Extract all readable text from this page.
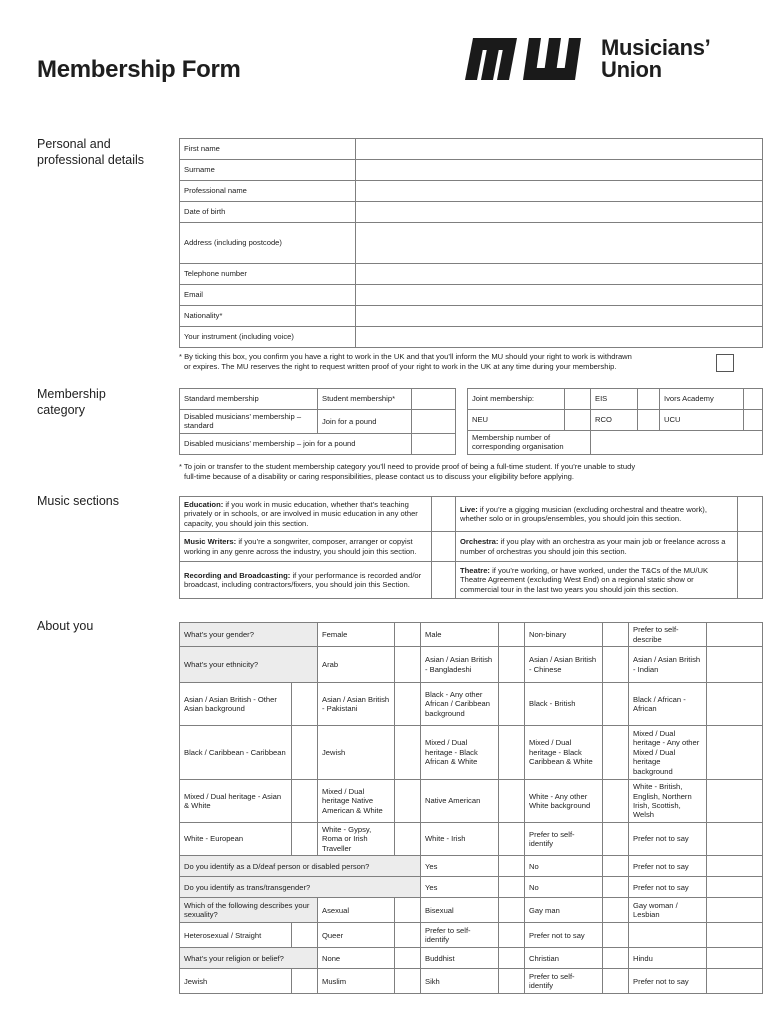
Membership Form
Musicians’
Union
Personal and
professional details
Membership
category
Music sections
About you
First name	
Surname	
Professional name	
Date of birth	
Address (including postcode)	
Telephone number	
Email	
Nationality*	
Your instrument (including voice)	
* By ticking this box, you confirm you have a right to work in the UK and that you’ll inform the MU should your right to work is withdrawn
or expires. The MU reserves the right to request written proof of your right to work in the UK at any time during your membership.
Standard membership	Student membership*	
Disabled musicians’ membership – standard	Join for a pound	
Disabled musicians’ membership – join for a pound		
Joint membership:		EIS		Ivors Academy	
NEU		RCO		UCU	
Membership number of corresponding organisation					
* To join or transfer to the student membership category you’ll need to provide proof of being a full-time student. If you’re unable to study
full-time because of a disability or caring responsibilities, please contact us to discuss your eligibility before applying.
Education: if you work in music education, whether that’s teaching privately or in schools, or are involved in music education in any other capacity, you should join this section.		Live: if you’re a gigging musician (excluding orchestral and theatre work), whether solo or in groups/ensembles, you should join this section.	
Music Writers: if you’re a songwriter, composer, arranger or copyist working in any genre across the industry, you should join this section.		Orchestra: if you play with an orchestra as your main job or freelance across a number of orchestras you should join this section.	
Recording and Broadcasting: if your performance is recorded and/or broadcast, including contractors/fixers, you should join this Section.		Theatre: if you’re working, or have worked, under the T&Cs of the MU/UK Theatre Agreement (excluding West End) on a regional static show or commercial tour in the last two years you should join this section.	
What’s your gender?		Female		Male		Non-binary		Prefer to self-describe	
What’s your ethnicity?		Arab		Asian / Asian British - Bangladeshi		Asian / Asian British - Chinese		Asian / Asian British - Indian	
Asian / Asian British - Other Asian background		Asian / Asian British - Pakistani		Black - Any other African / Caribbean background		Black - British		Black / African - African	
Black / Caribbean - Caribbean		Jewish		Mixed / Dual heritage - Black African & White		Mixed / Dual heritage - Black Caribbean & White		Mixed / Dual heritage - Any other Mixed / Dual heritage background	
Mixed / Dual heritage - Asian & White		Mixed / Dual heritage Native American & White		Native American		White - Any other White background		White - British, English, Northern Irish, Scottish, Welsh	
White - European		White - Gypsy, Roma or Irish Traveller		White - Irish		Prefer to self-identify		Prefer not to say	
Do you identify as a D/deaf person or disabled person?				Yes		No		Prefer not to say	
Do you identify as trans/transgender?				Yes		No		Prefer not to say	
Which of the following describes your sexuality?		Asexual		Bisexual		Gay man		Gay woman / Lesbian	
Heterosexual / Straight		Queer		Prefer to self-identify		Prefer not to say			
What’s your religion or belief?		None		Buddhist		Christian		Hindu	
Jewish		Muslim		Sikh		Prefer to self-identify		Prefer not to say	
